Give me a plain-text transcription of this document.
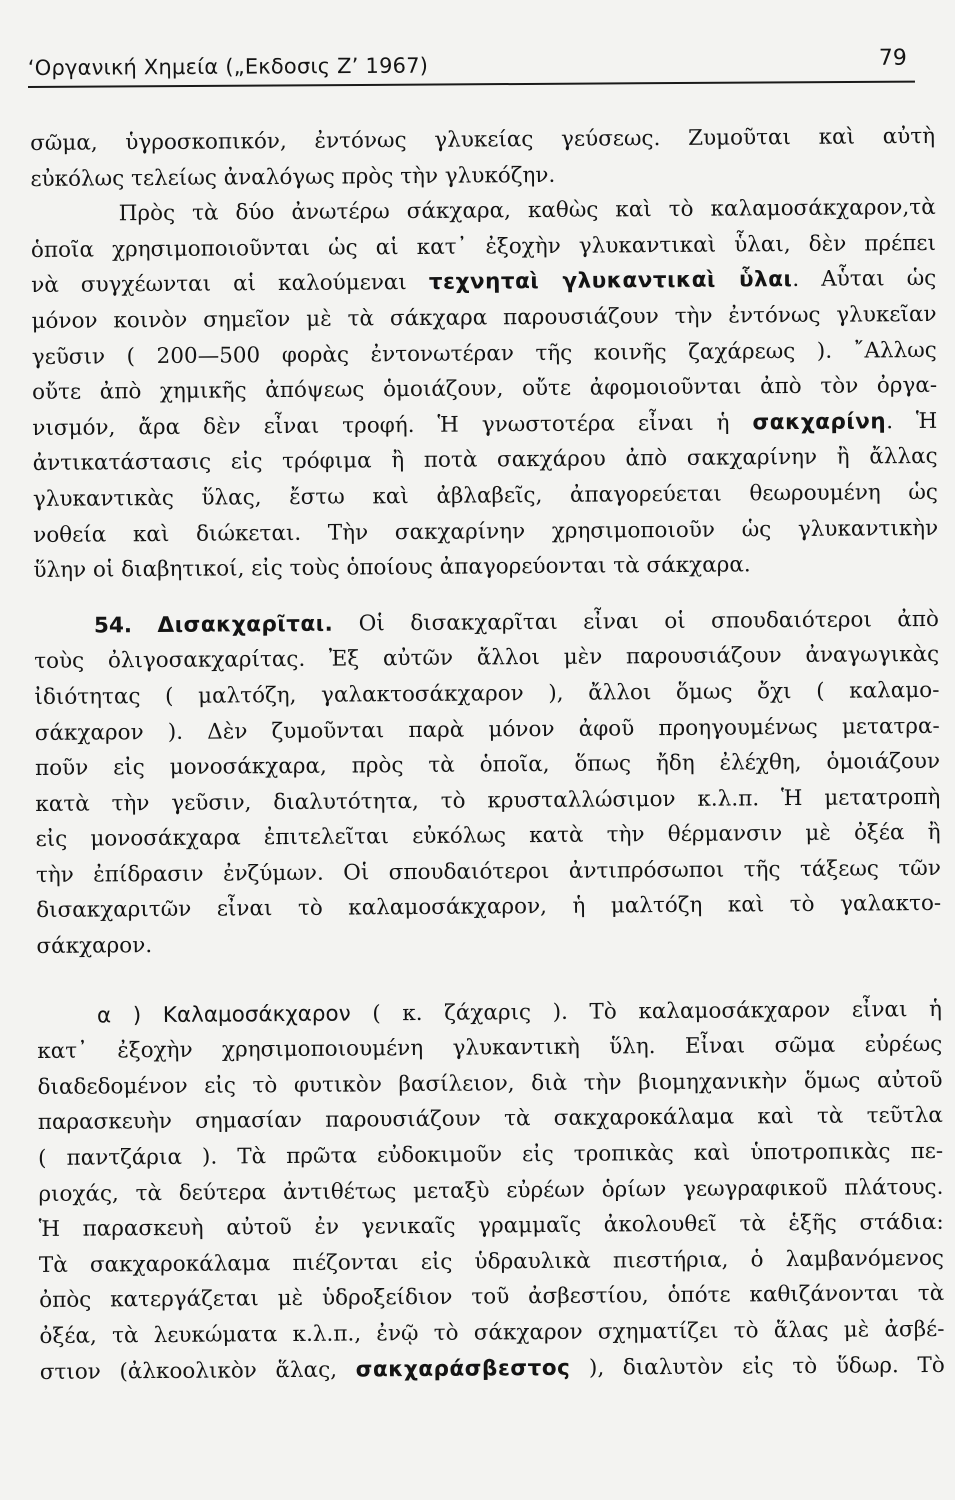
‘Οργανική Χημεία („Εκδοσις Ζ’ 1967)	79
σῶμα, ὑγροσκοπικόν, ἐντόνως γλυκείας γεύσεως. Ζυμοῦται καὶ αὐτὴ
εὐκόλως τελείως ἀναλόγως πρὸς τὴν γλυκόζην.
Πρὸς τὰ δύο ἀνωτέρω σάκχαρα, καθὼς καὶ τὸ καλαμοσάκχαρον,τὰ
ὁποῖα χρησιμοποιοῦνται ὡς αἱ κατ᾽ ἐξοχὴν γλυκαντικαὶ ὗλαι, δὲν πρέπει
νὰ συγχέωνται αἱ καλούμεναι τεχνηταὶ γλυκαντικαὶ ὗλαι. Αὗται ὡς
μόνον κοινὸν σημεῖον μὲ τὰ σάκχαρα παρουσιάζουν τὴν ἐντόνως γλυκεῖαν
γεῦσιν ( 200—500 φορὰς ἐντονωτέραν τῆς κοινῆς ζαχάρεως ). ῎Αλλως
οὔτε ἀπὸ χημικῆς ἀπόψεως ὁμοιάζουν, οὔτε ἀφομοιοῦνται ἀπὸ τὸν ὀργα-
νισμόν, ἄρα δὲν εἶναι τροφή. Ἡ γνωστοτέρα εἶναι ἡ σακχαρίνη. Ἡ
ἀντικατάστασις εἰς τρόφιμα ἢ ποτὰ σακχάρου ἀπὸ σακχαρίνην ἢ ἄλλας
γλυκαντικὰς ὕλας, ἔστω καὶ ἀβλαβεῖς, ἀπαγορεύεται θεωρουμένη ὡς
νοθεία καὶ διώκεται. Τὴν σακχαρίνην χρησιμοποιοῦν ὡς γλυκαντικὴν
ὕλην οἱ διαβητικοί, εἰς τοὺς ὁποίους ἀπαγορεύονται τὰ σάκχαρα.
54. Δισακχαρῖται. Οἱ δισακχαρῖται εἶναι οἱ σπουδαιότεροι ἀπὸ
τοὺς ὀλιγοσακχαρίτας. Ἐξ αὐτῶν ἄλλοι μὲν παρουσιάζουν ἀναγωγικὰς
ἰδιότητας ( μαλτόζη, γαλακτοσάκχαρον ), ἄλλοι ὅμως ὄχι ( καλαμο-
σάκχαρον ). Δὲν ζυμοῦνται παρὰ μόνον ἀφοῦ προηγουμένως μετατρα-
ποῦν εἰς μονοσάκχαρα, πρὸς τὰ ὁποῖα, ὅπως ἤδη ἐλέχθη, ὁμοιάζουν
κατὰ τὴν γεῦσιν, διαλυτότητα, τὸ κρυσταλλώσιμον κ.λ.π. Ἡ μετατροπὴ
εἰς μονοσάκχαρα ἐπιτελεῖται εὐκόλως κατὰ τὴν θέρμανσιν μὲ ὀξέα ἢ
τὴν ἐπίδρασιν ἐνζύμων. Οἱ σπουδαιότεροι ἀντιπρόσωποι τῆς τάξεως τῶν
δισακχαριτῶν εἶναι τὸ καλαμοσάκχαρον, ἡ μαλτόζη καὶ τὸ γαλακτο-
σάκχαρον.
α ) Καλαμοσάκχαρον ( κ. ζάχαρις ). Τὸ καλαμοσάκχαρον εἶναι ἡ
κατ᾽ ἐξοχὴν χρησιμοποιουμένη γλυκαντικὴ ὕλη. Εἶναι σῶμα εὐρέως
διαδεδομένον εἰς τὸ φυτικὸν βασίλειον, διὰ τὴν βιομηχανικὴν ὅμως αὐτοῦ
παρασκευὴν σημασίαν παρουσιάζουν τὰ σακχαροκάλαμα καὶ τὰ τεῦτλα
( παντζάρια ). Τὰ πρῶτα εὐδοκιμοῦν εἰς τροπικὰς καὶ ὑποτροπικὰς πε-
ριοχάς, τὰ δεύτερα ἀντιθέτως μεταξὺ εὐρέων ὁρίων γεωγραφικοῦ πλάτους.
Ἡ παρασκευὴ αὐτοῦ ἐν γενικαῖς γραμμαῖς ἀκολουθεῖ τὰ ἑξῆς στάδια:
Τὰ σακχαροκάλαμα πιέζονται εἰς ὑδραυλικὰ πιεστήρια, ὁ λαμβανόμενος
ὀπὸς κατεργάζεται μὲ ὑδροξείδιον τοῦ ἀσβεστίου, ὁπότε καθιζάνονται τὰ
ὀξέα, τὰ λευκώματα κ.λ.π., ἐνῷ τὸ σάκχαρον σχηματίζει τὸ ἅλας μὲ ἀσβέ-
στιον (ἀλκοολικὸν ἅλας, σακχαράσβεστος ), διαλυτὸν εἰς τὸ ὕδωρ. Τὸ
